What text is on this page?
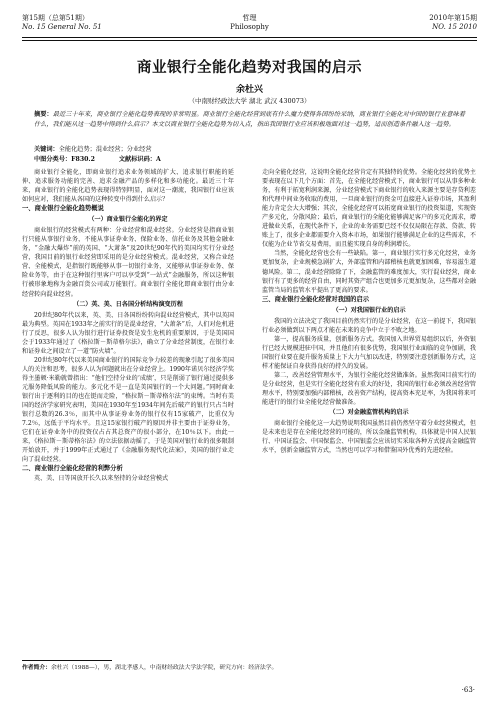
第15期（总第51期）
No. 15 General No. 51
哲理
Philosophy
2010年第15期
NO. 15 2010
商业银行全能化趋势对我国的启示
余杜兴
（中南财经政法大学 湖北 武汉 430073）
摘要：最近三十年来，商业银行全能化趋势表现的非常明显。商业银行全能化经营到底有什么魔力使得各国纷纷采纳，商业银行全能化对中国的银行业意味着什么，我们能从这一趋势中得到什么启示？本文以商业银行全能化趋势为切入点，指出我国银行业应该积极地面对这一趋势，适而创造条件融入这一趋势。
关键词：全能化趋势；混业经营；分业经营
中图分类号：F830.2	文献标识码：A

商业银行全能化，即商业银行追求业务领域的扩大、追求银行职能的延伸、追求服务功能的完善、追求金融产品的多样化和多功能化。最近三十年来，商业银行的全能化趋势表现得特别明显，面对这一潮流，我国银行业应该如何应对，我们能从各国的这种转变中得到什么启示？

一、商业银行全能化趋势概说
（一）商业银行全能化的界定

商业银行的经营模式有两种：分业经营和混业经营。分业经营是指商业银行只能从事银行业务，不能从事证券业务、保险业务、信托业务及其他金融业务，“金融大爆炸”前的英国、“大萧条”及20世纪90年代的美国均实行分业经营，我国目前的银行业经营即采用的是分业经营模式。混业经营，又称合业经营、全能模式，是指银行既能够从事一切银行业务，又能够从事证券业务、保险业务等，由于在这种银行里客户可以享受到“一站式”金融服务，所以这种银行被形象地称为金融百货公司或万能银行。商业银行全能化即商业银行由分业经营转向混业经营。

（二）英、美、日各国分析结构演变历程

20世纪80年代以来，英、美、日各国纷纷转向混业经营模式，其中以英国最为典型。英国在1933年之前实行的是混业经营，“大萧条”后，人们对危机进行了反思，很多人认为银行进行证券投资是发生危机的重要原因，于是美国国会于1933年通过了《格拉斯－斯蒂格尔法》，确立了分业经营制度，在银行业和证券业之间设立了一道“防火墙”。

20世纪80年代以来美国商业银行的国际竞争力较差的现象引起了很多美国人的关注和思考，很多人认为问题就出在分业经营上。1990年诺贝尔经济学奖得主墨顿·米勒就曾指出：“他们空持分业的‘成绩’，只是削弱了银行通过提供多元服务降低风险的能力。多元化不是一直是美国银行的一个大问题。”同时商业银行出于逐利的目的也在铤而走险，“格拉斯－斯蒂格尔法”的束缚。当时有美国的经济学家研究表明，美国在1930年至1934年间先后破产的银行只占当时银行总数的26.3％，而其中从事证券业务的银行仅有15家破产，比重仅为7.2％，远低于平均水平。且这15家银行破产的原因并非主要由于证券业务，它们在证券业务中的投资仅占占其总资产的很小部分，在10％以下。由此一来，《格拉斯－斯蒂格尔法》的立法依据动摇了，于是美国对银行业的很多限制开始放开，并于1999年正式通过了《金融服务现代化法案》，美国的银行业走向了混业经营。

二、商业银行全能化经营的利弊分析

英、美、日等国放开长久以来坚持的分业经营模式

走向全能化经营，这说明全能化经营肯定有其独特的优势。全能化经营的优势主要表现在以下几个方面：首先，在全能化经营模式下，商业银行可以从事多种业务，有利于拓宽利润来源，分业经营模式下商业银行的收入来源主要是存贷利差和代理中间业务收取的费用，一旦商业银行的资金可直接进入证券市场，其盈利能力肯定会大大增强；其次，全能化经营可以拓宽商业银行的投资渠道，实现资产多元化，分散风险；最后，商业银行的全能化能够满足客户的多元化需求，增进做业关系，在现代条件下，企业的业务需要已经不仅仅局限在存款、贷款、转账上了，很多企业都需要介入资本市场，如果银行能够满足企业的这些需求，不仅能为企业节省交易费用，而且能实现自身的利润增长。

当然，全能化经营也会有一些缺陷。第一，商业银行实行多元化经营，业务更加复杂，企业规模急剧扩大，外部监管和内部稽核也就更加困难，容易滋生道德风险。第二，混业经营除除了下，金融监管的难度加大，实行混业经营，商业银行有了更多的经营自由，同时其资产组合也更加多元更加复杂，这些都对金融监管当局的监管水平提出了更高的要求。

三、商业银行全能化经营对我国的启示
（一）对我国银行业的启示

我国的立法决定了我国目前仍然实行的是分业经营，在这一前提下，我国银行业必须做到以下两点才能在未来的竞争中立于不败之地。

第一，提高服务质量，创新服务方式。我国加入世界贸易组织以后，外资银行已经大规模进驻中国，并且他们有很多优势，我国银行业面临的竞争加剧，我国银行业要在提升服务质量上下大力气加以改进，特别要注意创新服务方式，这样才能保证自身获得良好的持久的发展。

第二，改善经营管理水平，为银行全能化经营做准备。虽然我国目前实行的是分业经营，但是实行全能化经营有重大的好处，我国的银行业必须改善经营管理水平，特别要加强内部稽核，改善资产结构，提高资本充足率，为我国将来可能进行的银行业全能化经营做准备。

（二）对金融监管机构的启示

商业银行全能化这一大趋势说明我国虽然目前仍然坚守着分业经营模式，但是未来也是存在全能化经营的可能的，所以金融监管机构，具体就是中国人民银行、中国证监会、中国保监会、中国银监会应该切实采取各种方式提高金融监管水平，创新金融监管方式，当然也可以学习和借鉴国外优秀的先进经验。

作者简介：余杜兴（1988—），男，湖北孝感人，中南财经政法大学法学院，研究方向：经济法学。
·63·
